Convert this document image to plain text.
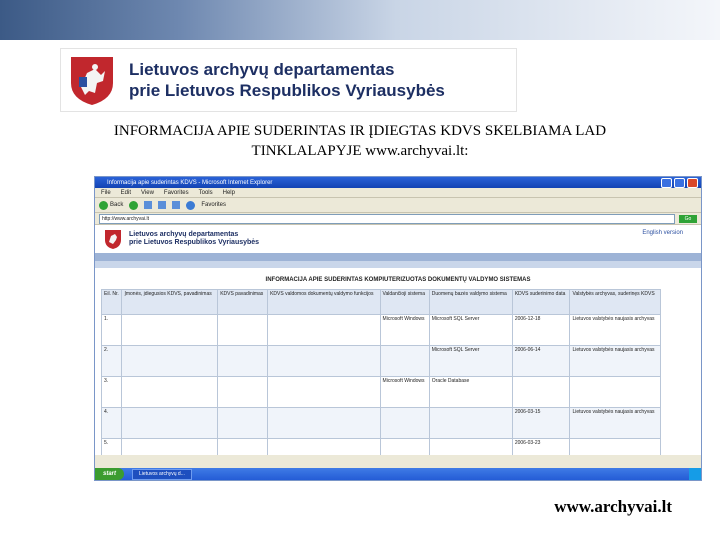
Lietuvos archyvų departamentas
prie Lietuvos Respublikos Vyriausybės
INFORMACIJA APIE SUDERINTAS IR ĮDIEGTAS KDVS SKELBIAMA LAD
TINKLALAPYJE www.archyvai.lt:
Informacija apie suderintas KDVS - Microsoft Internet Explorer
File Edit View Favorites Tools Help
Back	Favorites
http://www.archyvai.lt	Go
Lietuvos archyvų departamentas
prie Lietuvos Respublikos Vyriausybės
English version
INFORMACIJA APIE SUDERINTAS KOMPIUTERIZUOTAS DOKUMENTŲ VALDYMO SISTEMAS
Eil. Nr.	Įmonės, įdiegusios KDVS, pavadinimas	KDVS pavadinimas	KDVS valdomos dokumentų valdymo funkcijos	Valdančioji sistema	Duomenų bazės valdymo sistema	KDVS suderinimo data	Valstybės archyvas, suderinęs KDVS
1.				Microsoft Windows	Microsoft SQL Server	2006-12-18	Lietuvos valstybės naujasis archyvas
2.					Microsoft SQL Server	2006-06-14	Lietuvos valstybės naujasis archyvas
3.				Microsoft Windows	Oracle Database		
4.						2006-03-15	Lietuvos valstybės naujasis archyvas
5.						2006-03-23	
start	Lietuvos archyvų d...
www.archyvai.lt
